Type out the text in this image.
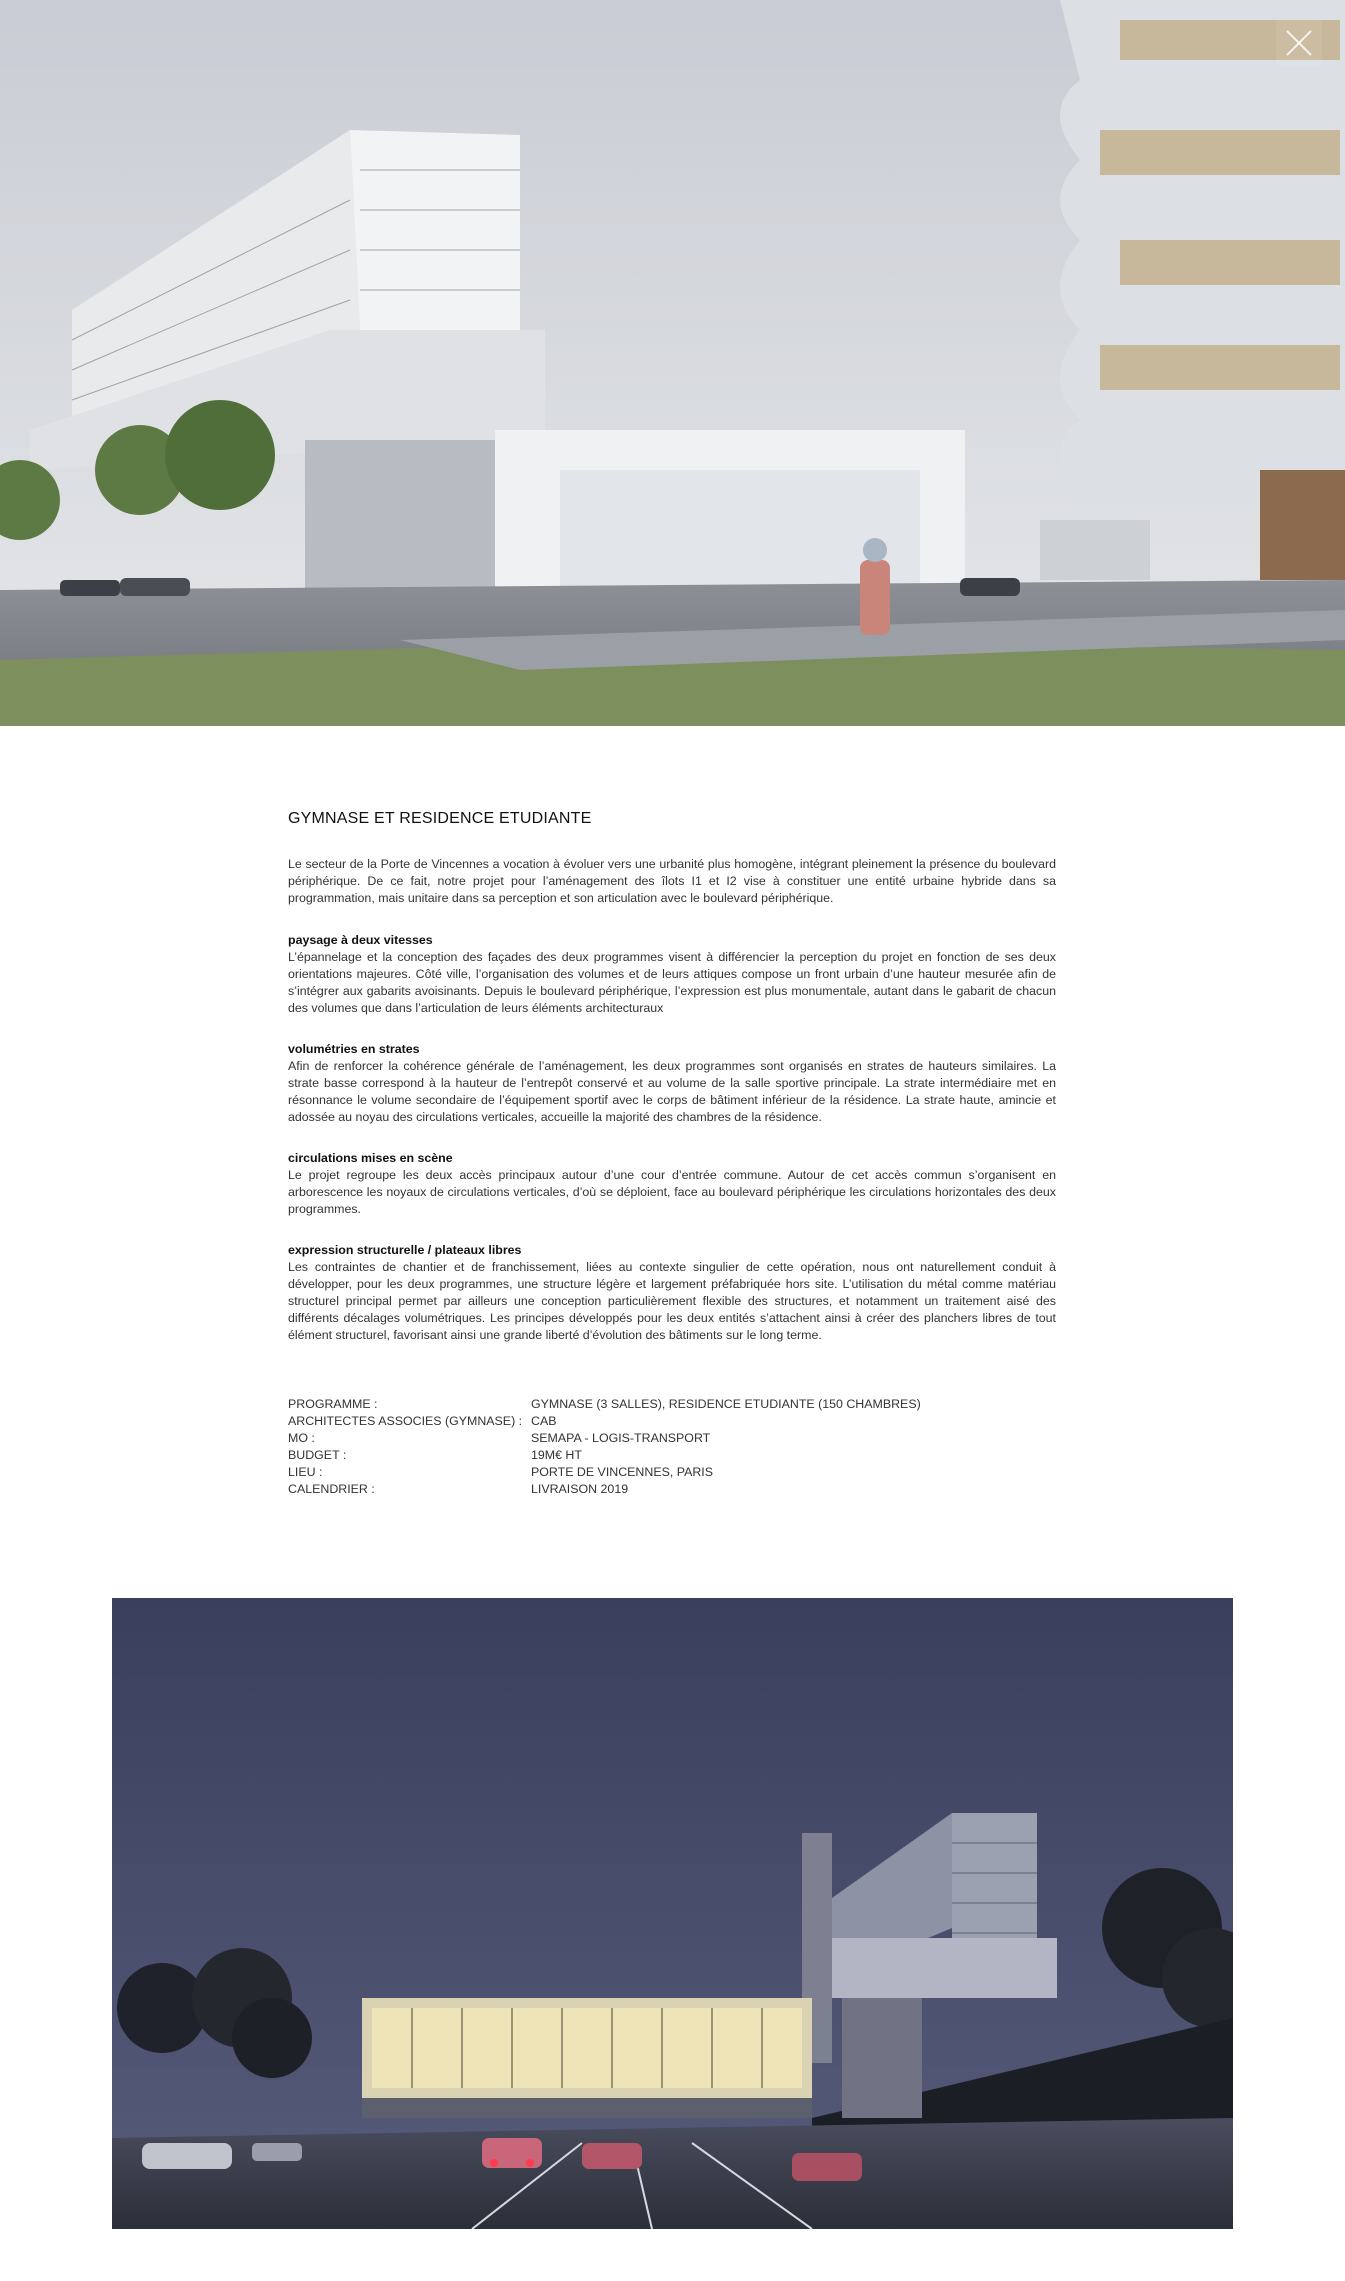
GYMNASE ET RESIDENCE ETUDIANTE

Le secteur de la Porte de Vincennes a vocation à évoluer vers une urbanité plus homogène, intégrant pleinement la présence du boulevard périphérique. De ce fait, notre projet pour l’aménagement des îlots I1 et I2 vise à constituer une entité urbaine hybride dans sa programmation, mais unitaire dans sa perception et son articulation avec le boulevard périphérique.

paysage à deux vitesses
L’épannelage et la conception des façades des deux programmes visent à différencier la perception du projet en fonction de ses deux orientations majeures. Côté ville, l’organisation des volumes et de leurs attiques compose un front urbain d’une hauteur mesurée afin de s’intégrer aux gabarits avoisinants. Depuis le boulevard périphérique, l’expression est plus monumentale, autant dans le gabarit de chacun des volumes que dans l’articulation de leurs éléments architecturaux
volumétries en strates
Afin de renforcer la cohérence générale de l’aménagement, les deux programmes sont organisés en strates de hauteurs similaires. La strate basse correspond à la hauteur de l’entrepôt conservé et au volume de la salle sportive principale. La strate intermédiaire met en résonnance le volume secondaire de l’équipement sportif avec le corps de bâtiment inférieur de la résidence. La strate haute, amincie et adossée au noyau des circulations verticales, accueille la majorité des chambres de la résidence.
circulations mises en scène
Le projet regroupe les deux accès principaux autour d’une cour d’entrée commune. Autour de cet accès commun s’organisent en arborescence les noyaux de circulations verticales, d’où se déploient, face au boulevard périphérique les circulations horizontales des deux programmes.
expression structurelle / plateaux libres
Les contraintes de chantier et de franchissement, liées au contexte singulier de cette opération, nous ont naturellement conduit à développer, pour les deux programmes, une structure légère et largement préfabriquée hors site. L’utilisation du métal comme matériau structurel principal permet par ailleurs une conception particulièrement flexible des structures, et notamment un traitement aisé des différents décalages volumétriques. Les principes développés pour les deux entités s’attachent ainsi à créer des planchers libres de tout élément structurel, favorisant ainsi une grande liberté d’évolution des bâtiments sur le long terme.
PROGRAMME :	GYMNASE (3 SALLES), RESIDENCE ETUDIANTE (150 CHAMBRES)
ARCHITECTES ASSOCIES (GYMNASE) : CAB
MO :	SEMAPA - LOGIS-TRANSPORT
BUDGET :	19M€ HT
LIEU :	PORTE DE VINCENNES, PARIS
CALENDRIER :	LIVRAISON 2019
